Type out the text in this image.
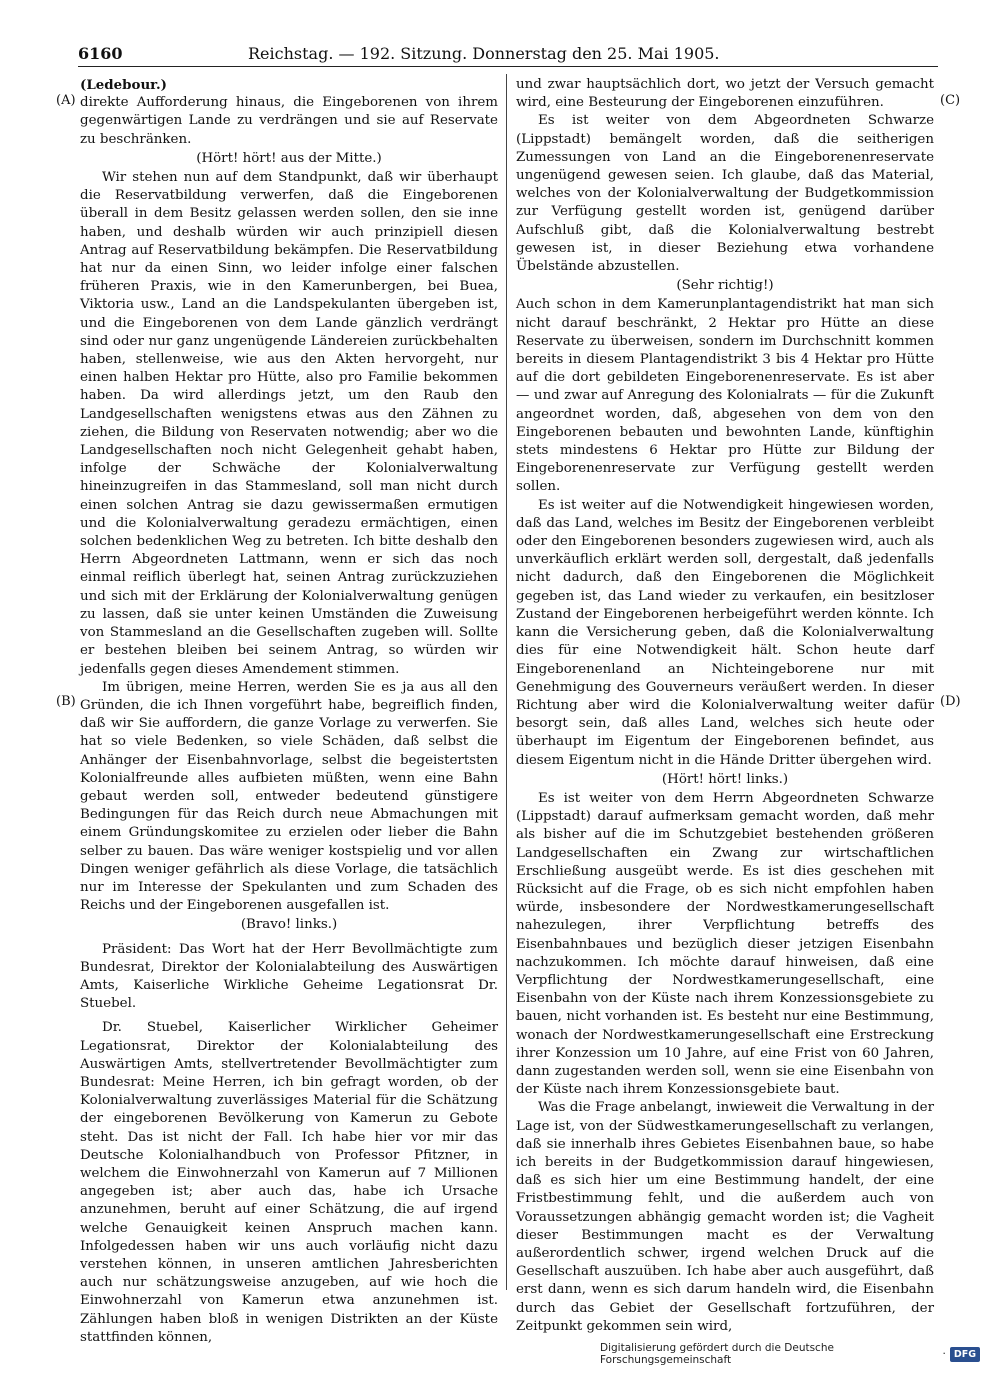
6160	Reichstag. — 192. Sitzung. Donnerstag den 25. Mai 1905.
(A)
(B)
(C)
(D)

(Ledebour.)

direkte Aufforderung hinaus, die Eingeborenen von ihrem gegenwärtigen Lande zu verdrängen und sie auf Reservate zu beschränken.

(Hört! hört! aus der Mitte.)

Wir stehen nun auf dem Standpunkt, daß wir überhaupt die Reservatbildung verwerfen, daß die Eingeborenen überall in dem Besitz gelassen werden sollen, den sie inne haben, und deshalb würden wir auch prinzipiell diesen Antrag auf Reservatbildung bekämpfen. Die Reservatbildung hat nur da einen Sinn, wo leider infolge einer falschen früheren Praxis, wie in den Kamerunbergen, bei Buea, Viktoria usw., Land an die Landspekulanten übergeben ist, und die Eingeborenen von dem Lande gänzlich verdrängt sind oder nur ganz ungenügende Ländereien zurückbehalten haben, stellenweise, wie aus den Akten hervorgeht, nur einen halben Hektar pro Hütte, also pro Familie bekommen haben. Da wird allerdings jetzt, um den Raub den Landgesellschaften wenigstens etwas aus den Zähnen zu ziehen, die Bildung von Reservaten notwendig; aber wo die Landgesellschaften noch nicht Gelegenheit gehabt haben, infolge der Schwäche der Kolonialverwaltung hineinzugreifen in das Stammesland, soll man nicht durch einen solchen Antrag sie dazu gewissermaßen ermutigen und die Kolonialverwaltung geradezu ermächtigen, einen solchen bedenklichen Weg zu betreten. Ich bitte deshalb den Herrn Abgeordneten Lattmann, wenn er sich das noch einmal reiflich überlegt hat, seinen Antrag zurückzuziehen und sich mit der Erklärung der Kolonialverwaltung genügen zu lassen, daß sie unter keinen Umständen die Zuweisung von Stammesland an die Gesellschaften zugeben will. Sollte er bestehen bleiben bei seinem Antrag, so würden wir jedenfalls gegen dieses Amendement stimmen.

Im übrigen, meine Herren, werden Sie es ja aus all den Gründen, die ich Ihnen vorgeführt habe, begreiflich finden, daß wir Sie auffordern, die ganze Vorlage zu verwerfen. Sie hat so viele Bedenken, so viele Schäden, daß selbst die Anhänger der Eisenbahnvorlage, selbst die begeistertsten Kolonialfreunde alles aufbieten müßten, wenn eine Bahn gebaut werden soll, entweder bedeutend günstigere Bedingungen für das Reich durch neue Abmachungen mit einem Gründungskomitee zu erzielen oder lieber die Bahn selber zu bauen. Das wäre weniger kostspielig und vor allen Dingen weniger gefährlich als diese Vorlage, die tatsächlich nur im Interesse der Spekulanten und zum Schaden des Reichs und der Eingeborenen ausgefallen ist.

(Bravo! links.)

Präsident: Das Wort hat der Herr Bevollmächtigte zum Bundesrat, Direktor der Kolonialabteilung des Auswärtigen Amts, Kaiserliche Wirkliche Geheime Legationsrat Dr. Stuebel.

Dr. Stuebel, Kaiserlicher Wirklicher Geheimer Legationsrat, Direktor der Kolonialabteilung des Auswärtigen Amts, stellvertretender Bevollmächtigter zum Bundesrat: Meine Herren, ich bin gefragt worden, ob der Kolonialverwaltung zuverlässiges Material für die Schätzung der eingeborenen Bevölkerung von Kamerun zu Gebote steht. Das ist nicht der Fall. Ich habe hier vor mir das Deutsche Kolonialhandbuch von Professor Pfitzner, in welchem die Einwohnerzahl von Kamerun auf 7 Millionen angegeben ist; aber auch das, habe ich Ursache anzunehmen, beruht auf einer Schätzung, die auf irgend welche Genauigkeit keinen Anspruch machen kann. Infolgedessen haben wir uns auch vorläufig nicht dazu verstehen können, in unseren amtlichen Jahresberichten auch nur schätzungsweise anzugeben, auf wie hoch die Einwohnerzahl von Kamerun etwa anzunehmen ist. Zählungen haben bloß in wenigen Distrikten an der Küste stattfinden können,

und zwar hauptsächlich dort, wo jetzt der Versuch gemacht wird, eine Besteurung der Eingeborenen einzuführen.

Es ist weiter von dem Abgeordneten Schwarze (Lippstadt) bemängelt worden, daß die seitherigen Zumessungen von Land an die Eingeborenenreservate ungenügend gewesen seien. Ich glaube, daß das Material, welches von der Kolonialverwaltung der Budgetkommission zur Verfügung gestellt worden ist, genügend darüber Aufschluß gibt, daß die Kolonialverwaltung bestrebt gewesen ist, in dieser Beziehung etwa vorhandene Übelstände abzustellen.

(Sehr richtig!)

Auch schon in dem Kamerunplantagendistrikt hat man sich nicht darauf beschränkt, 2 Hektar pro Hütte an diese Reservate zu überweisen, sondern im Durchschnitt kommen bereits in diesem Plantagendistrikt 3 bis 4 Hektar pro Hütte auf die dort gebildeten Eingeborenenreservate. Es ist aber — und zwar auf Anregung des Kolonialrats — für die Zukunft angeordnet worden, daß, abgesehen von dem von den Eingeborenen bebauten und bewohnten Lande, künftighin stets mindestens 6 Hektar pro Hütte zur Bildung der Eingeborenenreservate zur Verfügung gestellt werden sollen.

Es ist weiter auf die Notwendigkeit hingewiesen worden, daß das Land, welches im Besitz der Eingeborenen verbleibt oder den Eingeborenen besonders zugewiesen wird, auch als unverkäuflich erklärt werden soll, dergestalt, daß jedenfalls nicht dadurch, daß den Eingeborenen die Möglichkeit gegeben ist, das Land wieder zu verkaufen, ein besitzloser Zustand der Eingeborenen herbeigeführt werden könnte. Ich kann die Versicherung geben, daß die Kolonialverwaltung dies für eine Notwendigkeit hält. Schon heute darf Eingeborenenland an Nichteingeborene nur mit Genehmigung des Gouverneurs veräußert werden. In dieser Richtung aber wird die Kolonialverwaltung weiter dafür besorgt sein, daß alles Land, welches sich heute oder überhaupt im Eigentum der Eingeborenen befindet, aus diesem Eigentum nicht in die Hände Dritter übergehen wird.

(Hört! hört! links.)

Es ist weiter von dem Herrn Abgeordneten Schwarze (Lippstadt) darauf aufmerksam gemacht worden, daß mehr als bisher auf die im Schutzgebiet bestehenden größeren Landgesellschaften ein Zwang zur wirtschaftlichen Erschließung ausgeübt werde. Es ist dies geschehen mit Rücksicht auf die Frage, ob es sich nicht empfohlen haben würde, insbesondere der Nordwestkamerungesellschaft nahezulegen, ihrer Verpflichtung betreffs des Eisenbahnbaues und bezüglich dieser jetzigen Eisenbahn nachzukommen. Ich möchte darauf hinweisen, daß eine Verpflichtung der Nordwestkamerungesellschaft, eine Eisenbahn von der Küste nach ihrem Konzessionsgebiete zu bauen, nicht vorhanden ist. Es besteht nur eine Bestimmung, wonach der Nordwestkamerungesellschaft eine Erstreckung ihrer Konzession um 10 Jahre, auf eine Frist von 60 Jahren, dann zugestanden werden soll, wenn sie eine Eisenbahn von der Küste nach ihrem Konzessionsgebiete baut.

Was die Frage anbelangt, inwieweit die Verwaltung in der Lage ist, von der Südwestkamerungesellschaft zu verlangen, daß sie innerhalb ihres Gebietes Eisenbahnen baue, so habe ich bereits in der Budgetkommission darauf hingewiesen, daß es sich hier um eine Bestimmung handelt, der eine Fristbestimmung fehlt, und die außerdem auch von Voraussetzungen abhängig gemacht worden ist; die Vagheit dieser Bestimmungen macht es der Verwaltung außerordentlich schwer, irgend welchen Druck auf die Gesellschaft auszuüben. Ich habe aber auch ausgeführt, daß erst dann, wenn es sich darum handeln wird, die Eisenbahn durch das Gebiet der Gesellschaft fortzuführen, der Zeitpunkt gekommen sein wird,

Digitalisierung gefördert durch die Deutsche Forschungsgemeinschaft	· DFG
